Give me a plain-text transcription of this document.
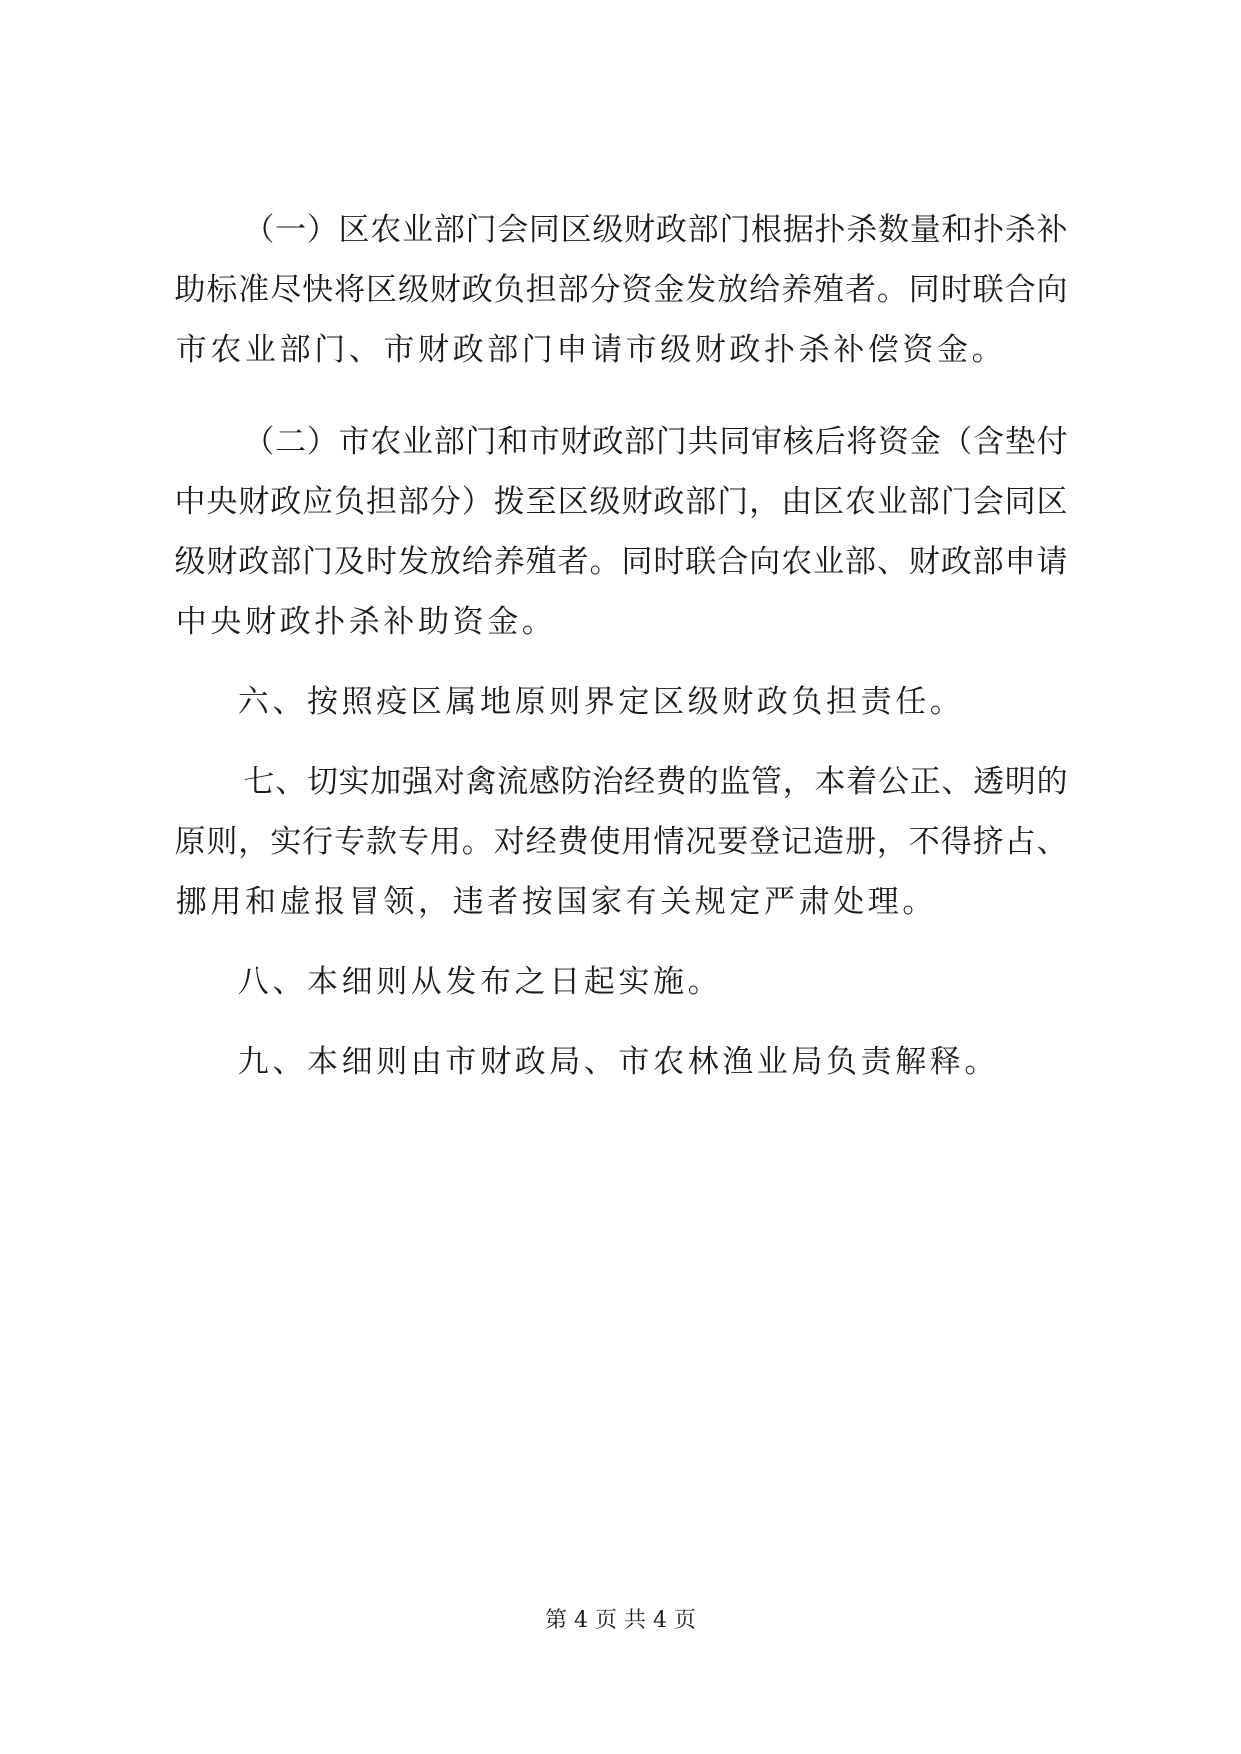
（ 一 ） 区 农 业 部 门 会 同 区 级 财 政 部 门 根 据 扑 杀 数 量 和 扑 杀 补
助 标 准 尽 快 将 区 级 财 政 负 担 部 分 资 金 发 放 给 养 殖 者 。 同 时 联 合 向
市 农 业 部 门 、 市 财 政 部 门 申 请 市 级 财 政 扑 杀 补 偿 资 金 。
（ 二 ） 市 农 业 部 门 和 市 财 政 部 门 共 同 审 核 后 将 资 金 （ 含 垫 付
中 央 财 政 应 负 担 部 分 ） 拨 至 区 级 财 政 部 门 ， 由 区 农 业 部 门 会 同 区
级 财 政 部 门 及 时 发 放 给 养 殖 者 。 同 时 联 合 向 农 业 部 、 财 政 部 申 请
中 央 财 政 扑 杀 补 助 资 金 。
六 、 按 照 疫 区 属 地 原 则 界 定 区 级 财 政 负 担 责 任 。
七 、 切 实 加 强 对 禽 流 感 防 治 经 费 的 监 管 ， 本 着 公 正 、 透 明 的
原 则 ， 实 行 专 款 专 用 。 对 经 费 使 用 情 况 要 登 记 造 册 ， 不 得 挤 占 、
挪 用 和 虚 报 冒 领 ， 违 者 按 国 家 有 关 规 定 严 肃 处 理 。
八 、 本 细 则 从 发 布 之 日 起 实 施 。
九 、 本 细 则 由 市 财 政 局 、 市 农 林 渔 业 局 负 责 解 释 。
第 4 页 共 4 页
